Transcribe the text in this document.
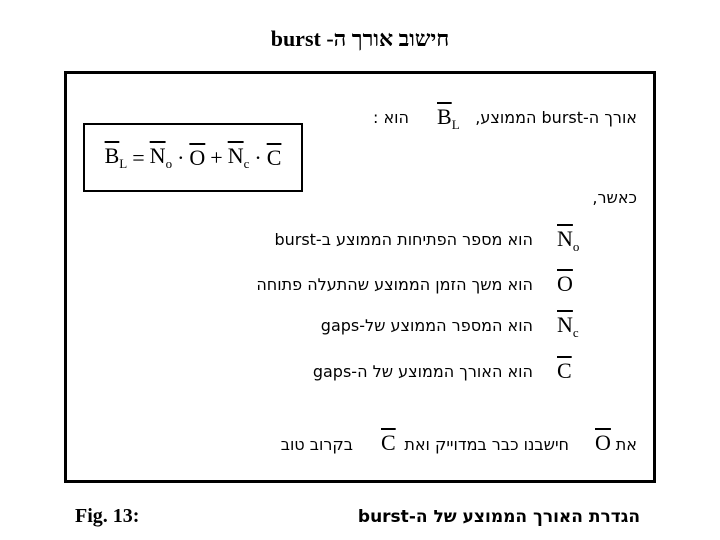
חישוב אורך ה- burst
$\overline{B}_L = \overline{N}_o \cdot \overline{O} + \overline{N}_c \cdot \overline{C}$
אורך ה-burst הממוצע,
$\overline{B}_L$
הוא :
כאשר,
$\overline{N}_o$
הוא מספר הפתיחות הממוצע ב-burst
$\overline{O}$
הוא משך הזמן הממוצע שהתעלה פתוחה
$\overline{N}_c$
הוא המספר הממוצע של-gaps
$\overline{C}$
הוא האורך הממוצע של ה-gaps
את
$\overline{O}$
חישבנו כבר במדוייק ואת
$\overline{C}$
בקרוב טוב
Fig. 13:	הגדרת האורך הממוצע של ה-burst
